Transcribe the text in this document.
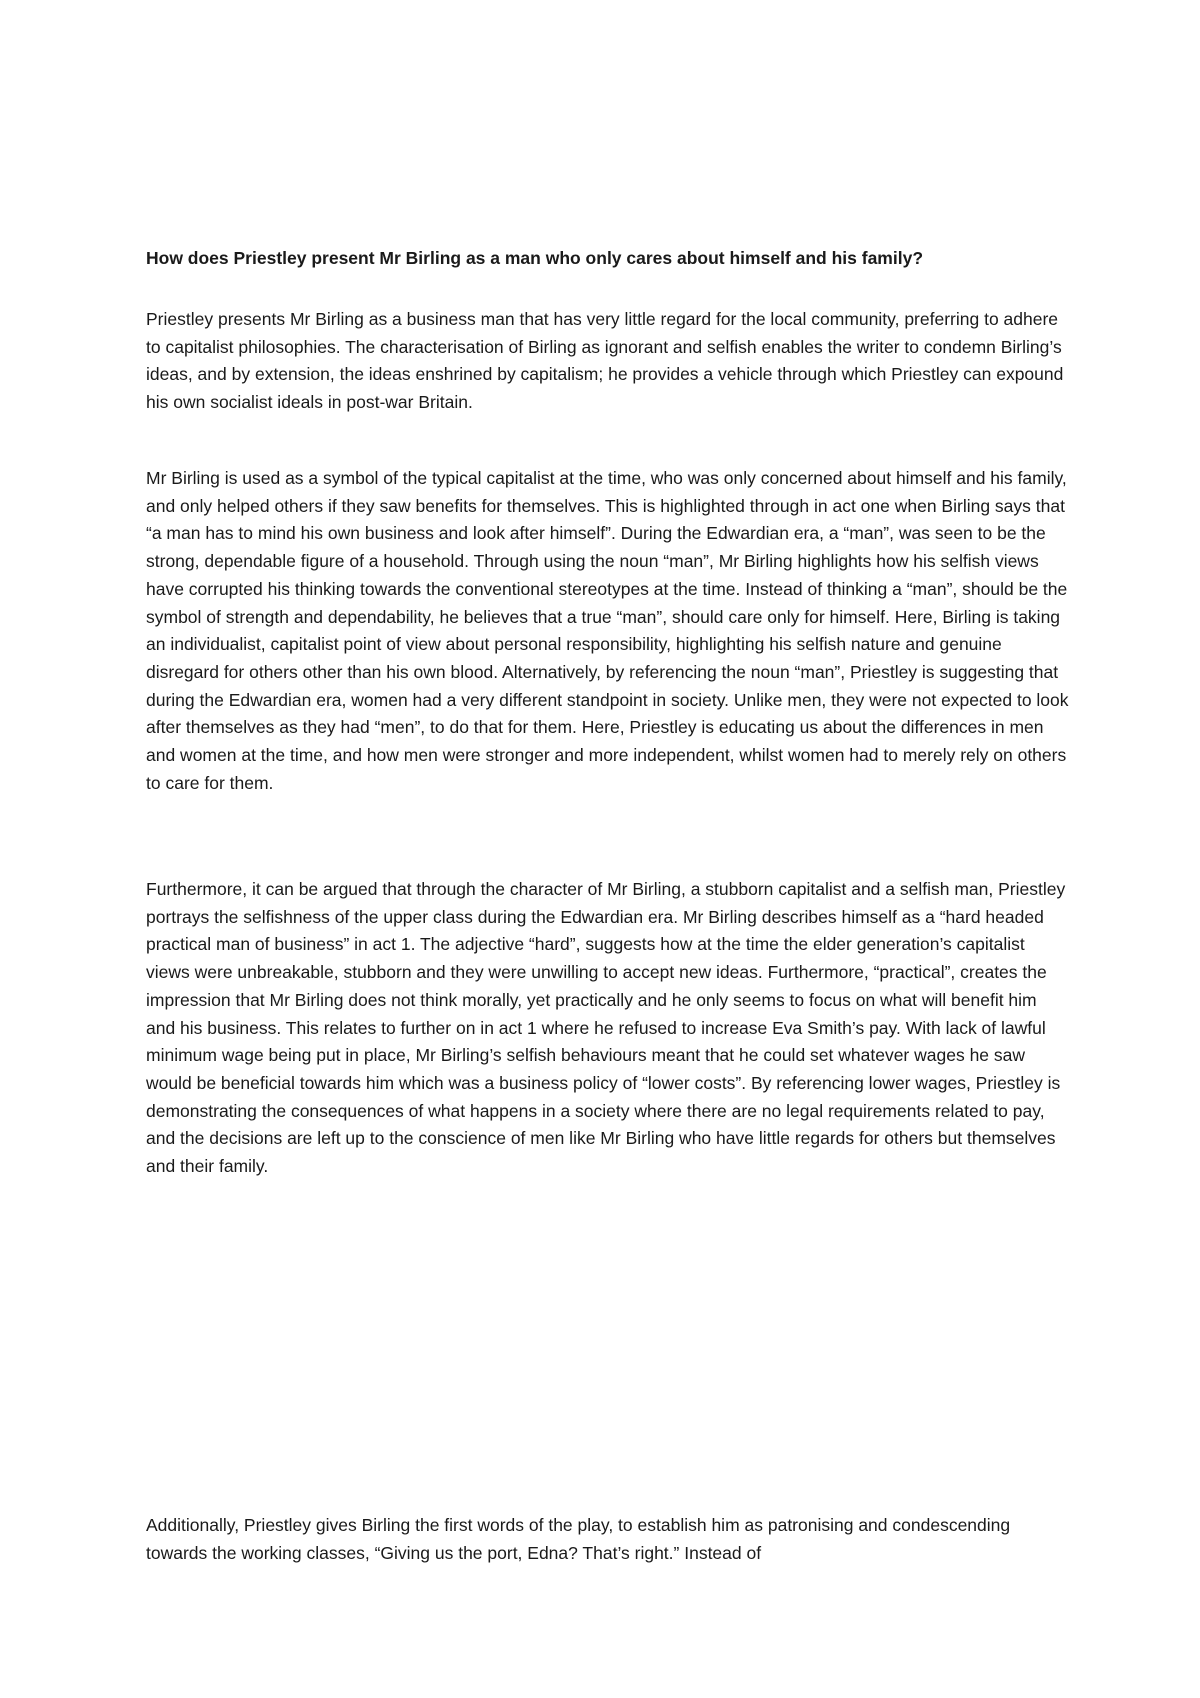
How does Priestley present Mr Birling as a man who only cares about himself and his family?

Priestley presents Mr Birling as a business man that has very little regard for the local community, preferring to adhere to capitalist philosophies. The characterisation of Birling as ignorant and selfish enables the writer to condemn Birling’s ideas, and by extension, the ideas enshrined by capitalism; he provides a vehicle through which Priestley can expound his own socialist ideals in post-war Britain.

Mr Birling is used as a symbol of the typical capitalist at the time, who was only concerned about himself and his family, and only helped others if they saw benefits for themselves. This is highlighted through in act one when Birling says that “a man has to mind his own business and look after himself”. During the Edwardian era, a “man”, was seen to be the strong, dependable figure of a household. Through using the noun “man”, Mr Birling highlights how his selfish views have corrupted his thinking towards the conventional stereotypes at the time. Instead of thinking a “man”, should be the symbol of strength and dependability, he believes that a true “man”, should care only for himself. Here, Birling is taking an individualist, capitalist point of view about personal responsibility, highlighting his selfish nature and genuine disregard for others other than his own blood. Alternatively, by referencing the noun “man”, Priestley is suggesting that during the Edwardian era, women had a very different standpoint in society. Unlike men, they were not expected to look after themselves as they had “men”, to do that for them. Here, Priestley is educating us about the differences in men and women at the time, and how men were stronger and more independent, whilst women had to merely rely on others to care for them.

Furthermore, it can be argued that through the character of Mr Birling, a stubborn capitalist and a selfish man, Priestley portrays the selfishness of the upper class during the Edwardian era. Mr Birling describes himself as a “hard headed practical man of business” in act 1. The adjective “hard”, suggests how at the time the elder generation’s capitalist views were unbreakable, stubborn and they were unwilling to accept new ideas. Furthermore, “practical”, creates the impression that Mr Birling does not think morally, yet practically and he only seems to focus on what will benefit him and his business. This relates to further on in act 1 where he refused to increase Eva Smith’s pay. With lack of lawful minimum wage being put in place, Mr Birling’s selfish behaviours meant that he could set whatever wages he saw would be beneficial towards him which was a business policy of “lower costs”. By referencing lower wages, Priestley is demonstrating the consequences of what happens in a society where there are no legal requirements related to pay, and the decisions are left up to the conscience of men like Mr Birling who have little regards for others but themselves and their family.

Additionally, Priestley gives Birling the first words of the play, to establish him as patronising and condescending towards the working classes, “Giving us the port, Edna? That’s right.” Instead of
